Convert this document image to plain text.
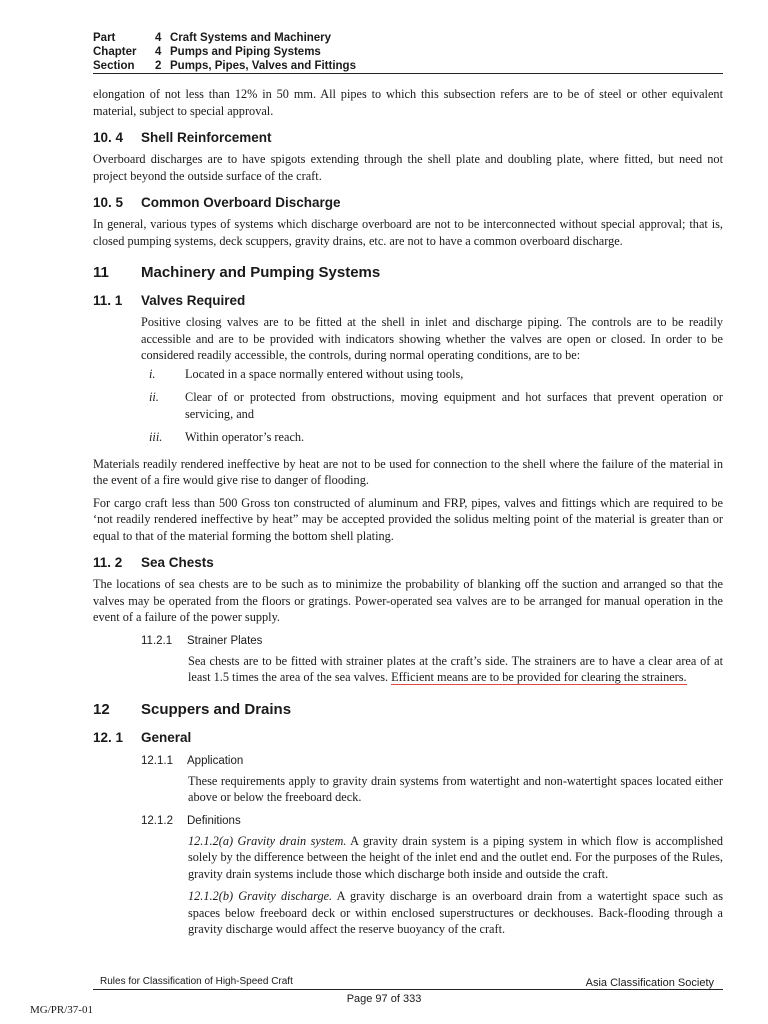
Part	4 Craft Systems and Machinery
Chapter	4 Pumps and Piping Systems
Section	2 Pumps, Pipes, Valves and Fittings
elongation of not less than 12% in 50 mm. All pipes to which this subsection refers are to be of steel or other equivalent material, subject to special approval.
10. 4 Shell Reinforcement
Overboard discharges are to have spigots extending through the shell plate and doubling plate, where fitted, but need not project beyond the outside surface of the craft.
10. 5 Common Overboard Discharge
In general, various types of systems which discharge overboard are not to be interconnected without special approval; that is, closed pumping systems, deck scuppers, gravity drains, etc. are not to have a common overboard discharge.
11 Machinery and Pumping Systems
11. 1 Valves Required
Positive closing valves are to be fitted at the shell in inlet and discharge piping. The controls are to be readily accessible and are to be provided with indicators showing whether the valves are open or closed. In order to be considered readily accessible, the controls, during normal operating conditions, are to be:
i.	Located in a space normally entered without using tools,
ii.	Clear of or protected from obstructions, moving equipment and hot surfaces that prevent operation or servicing, and
iii.	Within operator’s reach.
Materials readily rendered ineffective by heat are not to be used for connection to the shell where the failure of the material in the event of a fire would give rise to danger of flooding.
For cargo craft less than 500 Gross ton constructed of aluminum and FRP, pipes, valves and fittings which are required to be ‘not readily rendered ineffective by heat” may be accepted provided the solidus melting point of the material is greater than or equal to that of the material forming the bottom shell plating.
11. 2 Sea Chests
The locations of sea chests are to be such as to minimize the probability of blanking off the suction and arranged so that the valves may be operated from the floors or gratings. Power-operated sea valves are to be arranged for manual operation in the event of a failure of the power supply.
11.2.1 Strainer Plates
Sea chests are to be fitted with strainer plates at the craft’s side. The strainers are to have a clear area of at least 1.5 times the area of the sea valves. Efficient means are to be provided for clearing the strainers.
12 Scuppers and Drains
12. 1 General
12.1.1 Application
These requirements apply to gravity drain systems from watertight and non-watertight spaces located either above or below the freeboard deck.
12.1.2 Definitions
12.1.2(a) Gravity drain system. A gravity drain system is a piping system in which flow is accomplished solely by the difference between the height of the inlet end and the outlet end. For the purposes of the Rules, gravity drain systems include those which discharge both inside and outside the craft.
12.1.2(b) Gravity discharge. A gravity discharge is an overboard drain from a watertight space such as spaces below freeboard deck or within enclosed superstructures or deckhouses. Back-flooding through a gravity discharge would affect the reserve buoyancy of the craft.
Rules for Classification of High-Speed Craft	Asia Classification Society
Page 97 of 333
MG/PR/37-01
